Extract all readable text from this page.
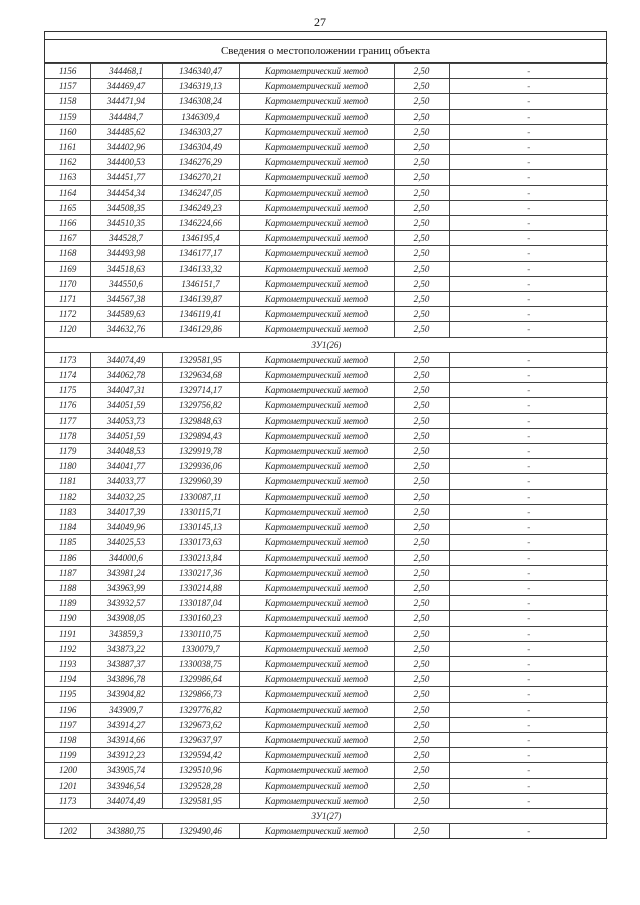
27
Сведения о местоположении границ объекта
1156	344468,1	1346340,47	Картометрический метод	2,50	-
1157	344469,47	1346319,13	Картометрический метод	2,50	-
1158	344471,94	1346308,24	Картометрический метод	2,50	-
1159	344484,7	1346309,4	Картометрический метод	2,50	-
1160	344485,62	1346303,27	Картометрический метод	2,50	-
1161	344402,96	1346304,49	Картометрический метод	2,50	-
1162	344400,53	1346276,29	Картометрический метод	2,50	-
1163	344451,77	1346270,21	Картометрический метод	2,50	-
1164	344454,34	1346247,05	Картометрический метод	2,50	-
1165	344508,35	1346249,23	Картометрический метод	2,50	-
1166	344510,35	1346224,66	Картометрический метод	2,50	-
1167	344528,7	1346195,4	Картометрический метод	2,50	-
1168	344493,98	1346177,17	Картометрический метод	2,50	-
1169	344518,63	1346133,32	Картометрический метод	2,50	-
1170	344550,6	1346151,7	Картометрический метод	2,50	-
1171	344567,38	1346139,87	Картометрический метод	2,50	-
1172	344589,63	1346119,41	Картометрический метод	2,50	-
1120	344632,76	1346129,86	Картометрический метод	2,50	-
ЗУ1(26)					
1173	344074,49	1329581,95	Картометрический метод	2,50	-
1174	344062,78	1329634,68	Картометрический метод	2,50	-
1175	344047,31	1329714,17	Картометрический метод	2,50	-
1176	344051,59	1329756,82	Картометрический метод	2,50	-
1177	344053,73	1329848,63	Картометрический метод	2,50	-
1178	344051,59	1329894,43	Картометрический метод	2,50	-
1179	344048,53	1329919,78	Картометрический метод	2,50	-
1180	344041,77	1329936,06	Картометрический метод	2,50	-
1181	344033,77	1329960,39	Картометрический метод	2,50	-
1182	344032,25	1330087,11	Картометрический метод	2,50	-
1183	344017,39	1330115,71	Картометрический метод	2,50	-
1184	344049,96	1330145,13	Картометрический метод	2,50	-
1185	344025,53	1330173,63	Картометрический метод	2,50	-
1186	344000,6	1330213,84	Картометрический метод	2,50	-
1187	343981,24	1330217,36	Картометрический метод	2,50	-
1188	343963,99	1330214,88	Картометрический метод	2,50	-
1189	343932,57	1330187,04	Картометрический метод	2,50	-
1190	343908,05	1330160,23	Картометрический метод	2,50	-
1191	343859,3	1330110,75	Картометрический метод	2,50	-
1192	343873,22	1330079,7	Картометрический метод	2,50	-
1193	343887,37	1330038,75	Картометрический метод	2,50	-
1194	343896,78	1329986,64	Картометрический метод	2,50	-
1195	343904,82	1329866,73	Картометрический метод	2,50	-
1196	343909,7	1329776,82	Картометрический метод	2,50	-
1197	343914,27	1329673,62	Картометрический метод	2,50	-
1198	343914,66	1329637,97	Картометрический метод	2,50	-
1199	343912,23	1329594,42	Картометрический метод	2,50	-
1200	343905,74	1329510,96	Картометрический метод	2,50	-
1201	343946,54	1329528,28	Картометрический метод	2,50	-
1173	344074,49	1329581,95	Картометрический метод	2,50	-
ЗУ1(27)					
1202	343880,75	1329490,46	Картометрический метод	2,50	-
